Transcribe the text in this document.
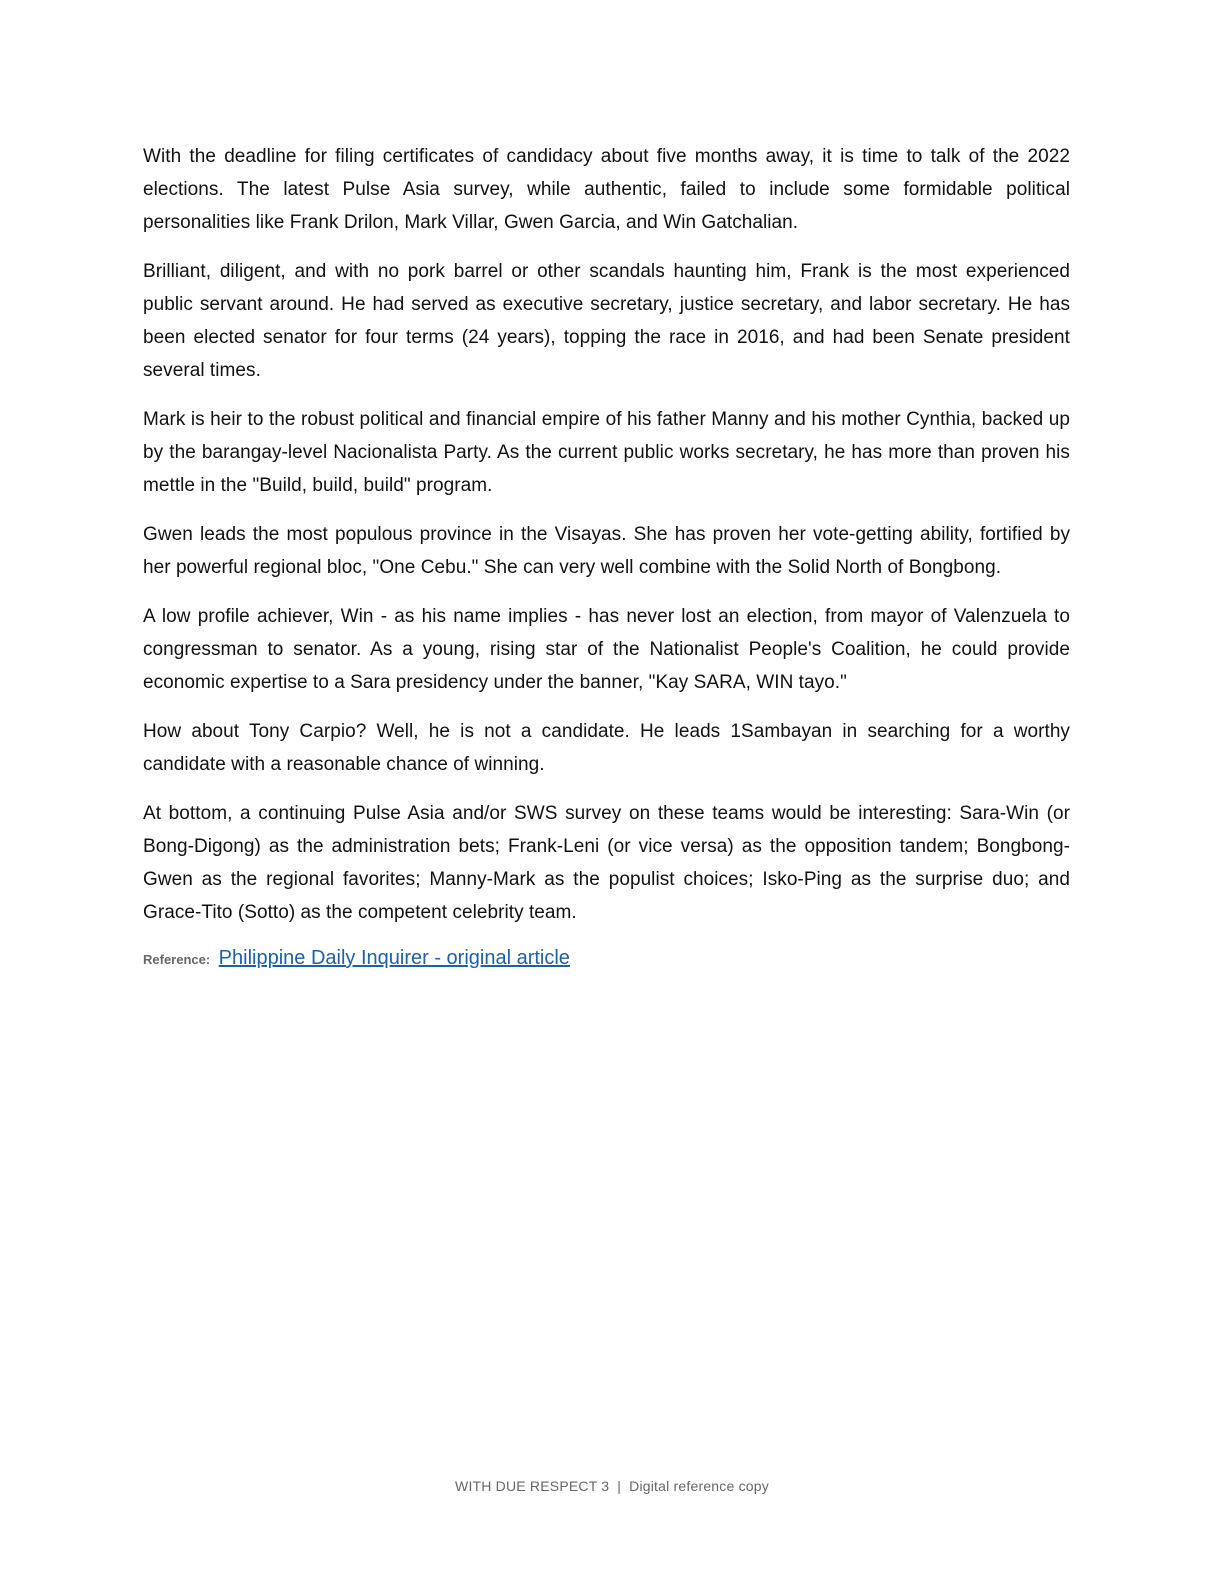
With the deadline for filing certificates of candidacy about five months away, it is time to talk of the 2022 elections. The latest Pulse Asia survey, while authentic, failed to include some formidable political personalities like Frank Drilon, Mark Villar, Gwen Garcia, and Win Gatchalian.

Brilliant, diligent, and with no pork barrel or other scandals haunting him, Frank is the most experienced public servant around. He had served as executive secretary, justice secretary, and labor secretary. He has been elected senator for four terms (24 years), topping the race in 2016, and had been Senate president several times.

Mark is heir to the robust political and financial empire of his father Manny and his mother Cynthia, backed up by the barangay-level Nacionalista Party. As the current public works secretary, he has more than proven his mettle in the "Build, build, build" program.

Gwen leads the most populous province in the Visayas. She has proven her vote-getting ability, fortified by her powerful regional bloc, "One Cebu." She can very well combine with the Solid North of Bongbong.

A low profile achiever, Win - as his name implies - has never lost an election, from mayor of Valenzuela to congressman to senator. As a young, rising star of the Nationalist People's Coalition, he could provide economic expertise to a Sara presidency under the banner, "Kay SARA, WIN tayo."

How about Tony Carpio? Well, he is not a candidate. He leads 1Sambayan in searching for a worthy candidate with a reasonable chance of winning.

At bottom, a continuing Pulse Asia and/or SWS survey on these teams would be interesting: Sara-Win (or Bong-Digong) as the administration bets; Frank-Leni (or vice versa) as the opposition tandem; Bongbong-Gwen as the regional favorites; Manny-Mark as the populist choices; Isko-Ping as the surprise duo; and Grace-Tito (Sotto) as the competent celebrity team.

Reference: Philippine Daily Inquirer - original article
WITH DUE RESPECT 3 | Digital reference copy
